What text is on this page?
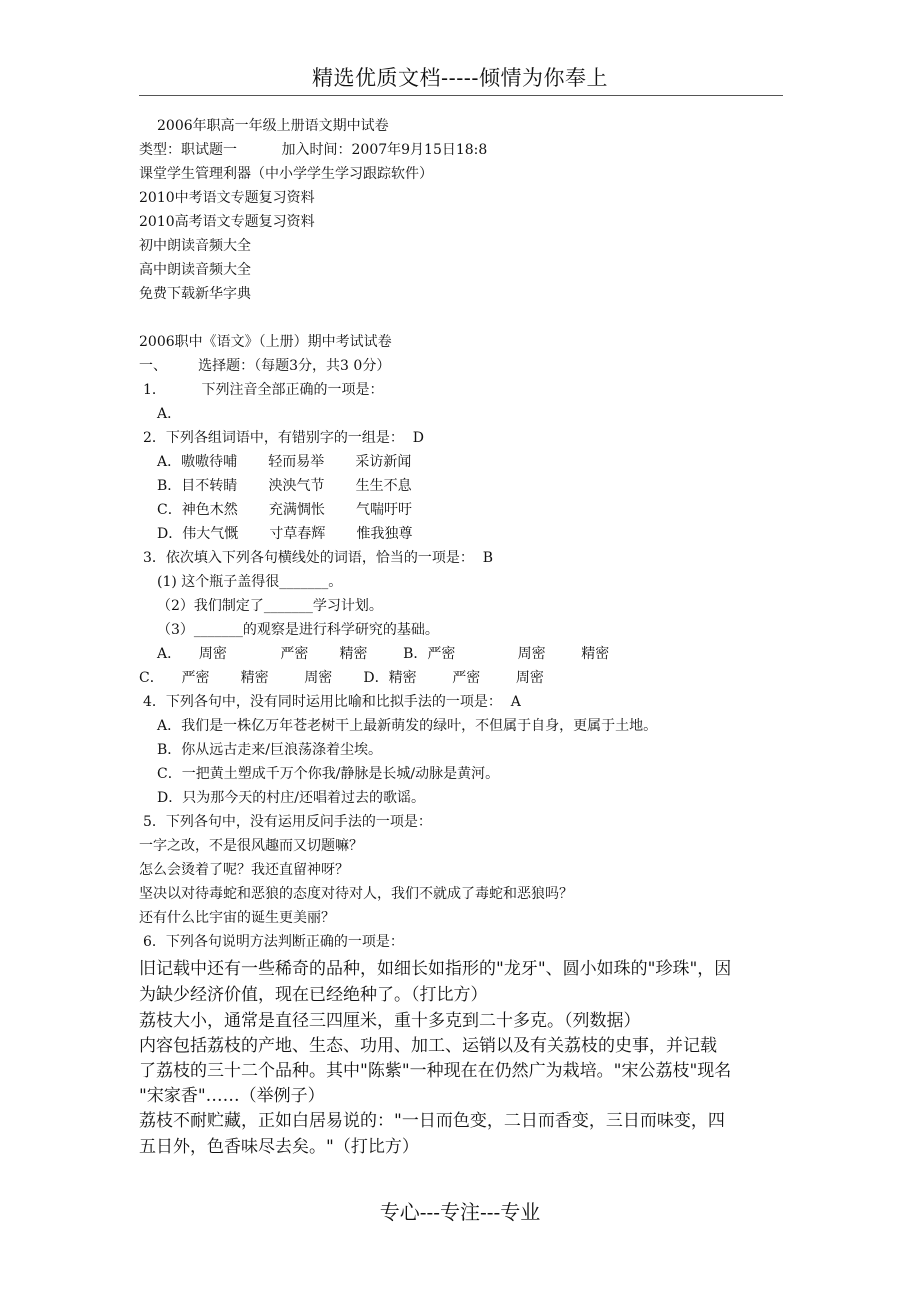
精选优质文档-----倾情为你奉上
2006年职高一年级上册语文期中试卷
类型：职试题一          加入时间：2007年9月15日18:8
课堂学生管理利器（中小学学生学习跟踪软件）
2010中考语文专题复习资料
2010高考语文专题复习资料
初中朗读音频大全
高中朗读音频大全
免费下载新华字典
2006职中《语文》（上册）期中考试试卷
一、       选择题：（每题3分，共3 0分）
1．        下列注音全部正确的一项是：
A．
2．下列各组词语中，有错别字的一组是：  D
A．嗷嗷待哺       轻而易举       采访新闻
B．目不转睛       泱泱气节       生生不息
C．神色木然       充满惆怅       气喘吁吁
D．伟大气慨       寸草春辉       惟我独尊
3．依次填入下列各句横线处的词语，恰当的一项是：  B
(1) 这个瓶子盖得很_______。
（2）我们制定了_______学习计划。
（3）_______的观察是进行科学研究的基础。
A．    周密            严密       精密        B．严密              周密        精密
C．    严密       精密        周密       D．精密        严密        周密
4．下列各句中，没有同时运用比喻和比拟手法的一项是：  A
A．我们是一株亿万年苍老树干上最新萌发的绿叶，不但属于自身，更属于土地。
B．你从远古走来/巨浪荡涤着尘埃。
C．一把黄土塑成千万个你我/静脉是长城/动脉是黄河。
D．只为那今天的村庄/还唱着过去的歌谣。
5．下列各句中，没有运用反问手法的一项是：
一字之改，不是很风趣而又切题嘛？
怎么会烫着了呢？我还直留神呀？
坚决以对待毒蛇和恶狼的态度对待对人，我们不就成了毒蛇和恶狼吗？
还有什么比宇宙的诞生更美丽？
6．下列各句说明方法判断正确的一项是：
旧记载中还有一些稀奇的品种，如细长如指形的"龙牙"、圆小如珠的"珍珠"，因
为缺少经济价值，现在已经绝种了。（打比方）
荔枝大小，通常是直径三四厘米，重十多克到二十多克。（列数据）
内容包括荔枝的产地、生态、功用、加工、运销以及有关荔枝的史事，并记载
了荔枝的三十二个品种。其中"陈紫"一种现在在仍然广为栽培。"宋公荔枝"现名
"宋家香"……（举例子）
荔枝不耐贮藏，正如白居易说的："一日而色变，二日而香变，三日而味变，四
五日外，色香味尽去矣。"（打比方）
专心---专注---专业
